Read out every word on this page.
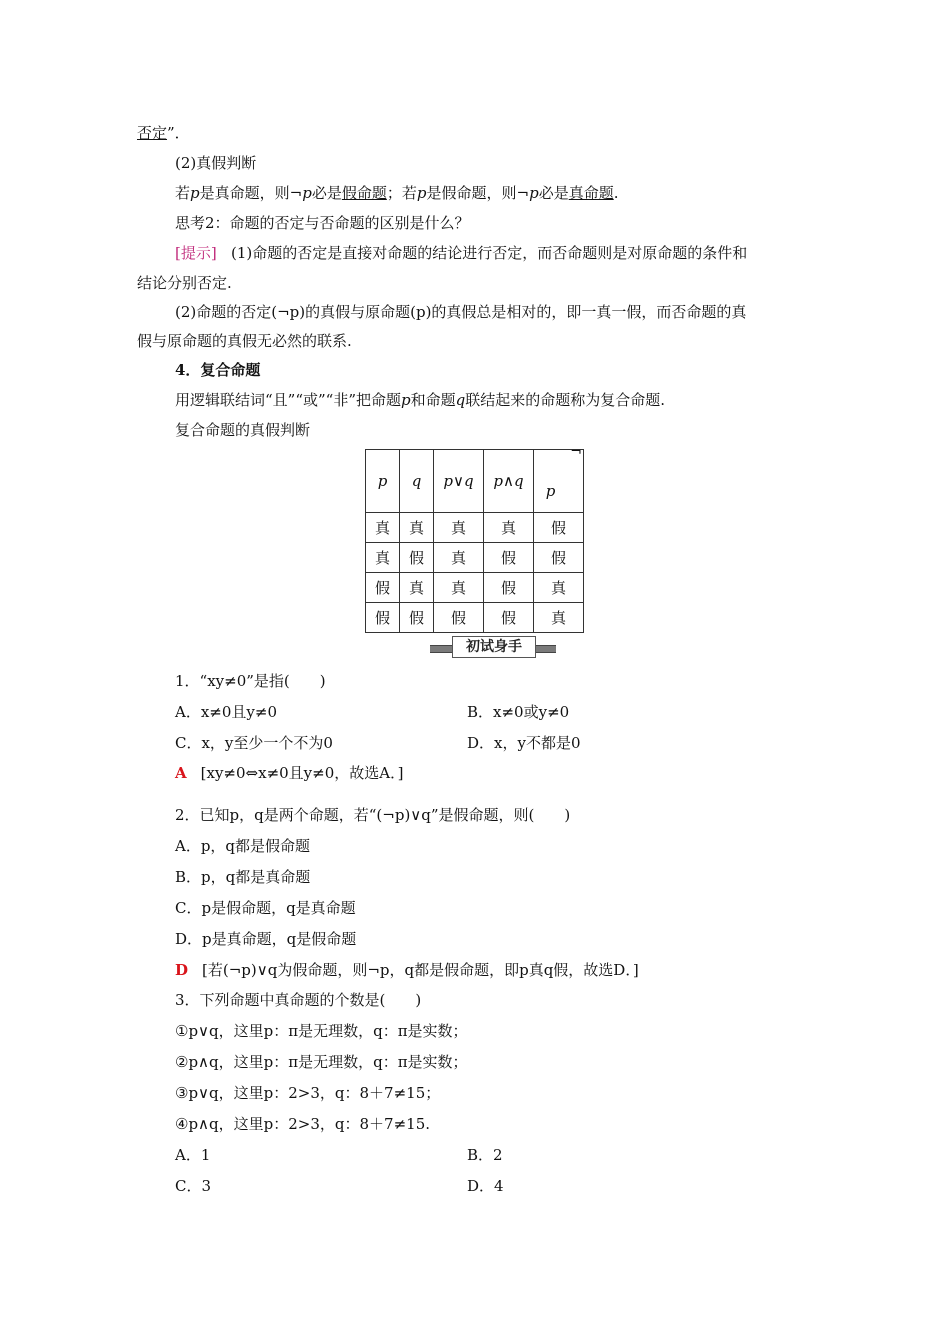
否定”．
(2)真假判断
若p是真命题，则¬p必是假命题；若p是假命题，则¬p必是真命题.
思考2：命题的否定与否命题的区别是什么？
[提示] (1)命题的否定是直接对命题的结论进行否定，而否命题则是对原命题的条件和
结论分别否定.
(2)命题的否定(¬p)的真假与原命题(p)的真假总是相对的，即一真一假，而否命题的真
假与原命题的真假无必然的联系.
4．复合命题
用逻辑联结词“且”“或”“非”把命题p和命题q联结起来的命题称为复合命题.
复合命题的真假判断
p	q	p∨q	p∧q	¬
p
真	真	真	真	假
真	假	真	假	假
假	真	真	假	真
假	假	假	假	真
初试身手
1．“xy≠0”是指(　　)
A．x≠0且y≠0	B．x≠0或y≠0
C．x，y至少一个不为0	D．x，y不都是0
A [xy≠0⇔x≠0且y≠0，故选A．]
2．已知p，q是两个命题，若“(¬p)∨q”是假命题，则(　　)
A．p，q都是假命题
B．p，q都是真命题
C．p是假命题，q是真命题
D．p是真命题，q是假命题
D [若(¬p)∨q为假命题，则¬p，q都是假命题，即p真q假，故选D．]
3．下列命题中真命题的个数是(　　)
①p∨q，这里p：π是无理数，q：π是实数；
②p∧q，这里p：π是无理数，q：π是实数；
③p∨q，这里p：2>3，q：8＋7≠15；
④p∧q，这里p：2>3，q：8＋7≠15.
A．1	B．2
C．3	D．4
